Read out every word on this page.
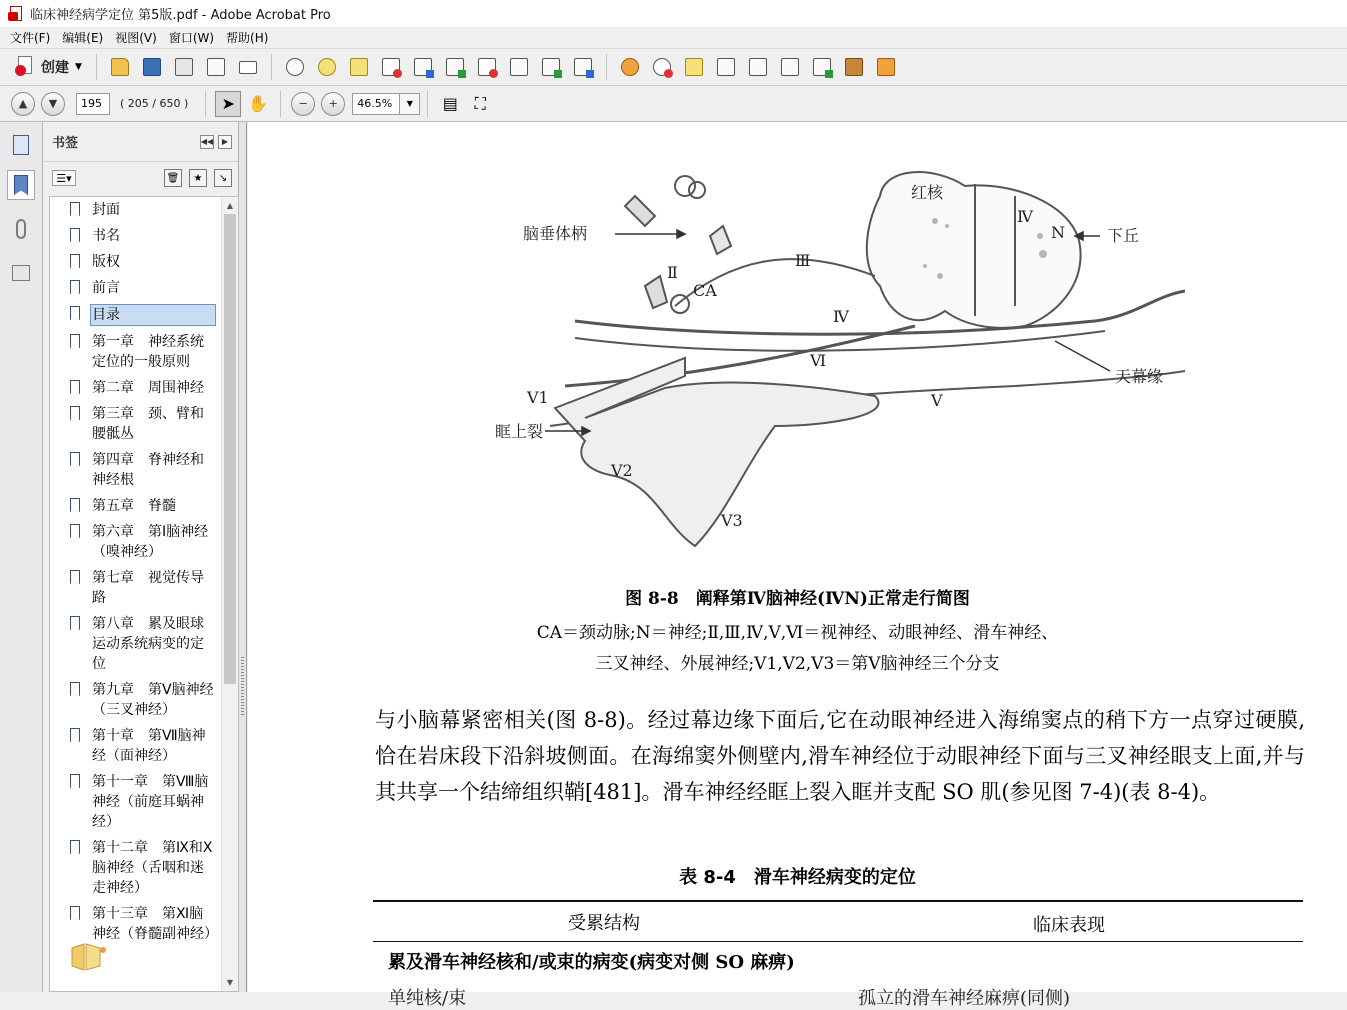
临床神经病学定位 第5版.pdf - Adobe Acrobat Pro
文件(F)	编辑(E)	视图(V)	窗口(W)	帮助(H)
创建 ▼
▲ ▼	195	( 205 / 650 ) ➤ ✋	− +	46.5%	▼ ▤ ⛶
书签	◀◀ ▶
☰▾	🗑 ★ ↘
封面
书名
版权
前言
目录
第一章　神经系统定位的一般原则
第二章　周围神经
第三章　颈、臂和腰骶丛
第四章　脊神经和神经根
第五章　脊髓
第六章　第Ⅰ脑神经（嗅神经）
第七章　视觉传导路
第八章　累及眼球运动系统病变的定位
第九章　第Ⅴ脑神经（三叉神经）
第十章　第Ⅶ脑神经（面神经）
第十一章　第Ⅷ脑神经（前庭耳蜗神经）
第十二章　第Ⅸ和Ⅹ脑神经（舌咽和迷走神经）
第十三章　第Ⅺ脑神经（脊髓副神经）
▲
▼
红核
Ⅳ
N	下丘
脑垂体柄
Ⅱ
CA
Ⅲ
Ⅳ
Ⅵ
天幕缘
V1	Ⅴ
眶上裂
V2
V3
图 8-8　阐释第Ⅳ脑神经(ⅣN)正常走行简图
CA＝颈动脉;N＝神经;Ⅱ,Ⅲ,Ⅳ,Ⅴ,Ⅵ＝视神经、动眼神经、滑车神经、
三叉神经、外展神经;Ⅴ1,Ⅴ2,Ⅴ3＝第Ⅴ脑神经三个分支
与小脑幕紧密相关(图 8-8)。经过幕边缘下面后,它在动眼神经进入海绵窦点的稍下方一点穿过硬膜,恰在岩床段下沿斜坡侧面。在海绵窦外侧壁内,滑车神经位于动眼神经下面与三叉神经眼支上面,并与其共享一个结缔组织鞘[481]。滑车神经经眶上裂入眶并支配 SO 肌(参见图 7-4)(表 8-4)。
表 8-4　滑车神经病变的定位
受累结构	临床表现
累及滑车神经核和/或束的病变(病变对侧 SO 麻痹)
单纯核/束	孤立的滑车神经麻痹(同侧)
